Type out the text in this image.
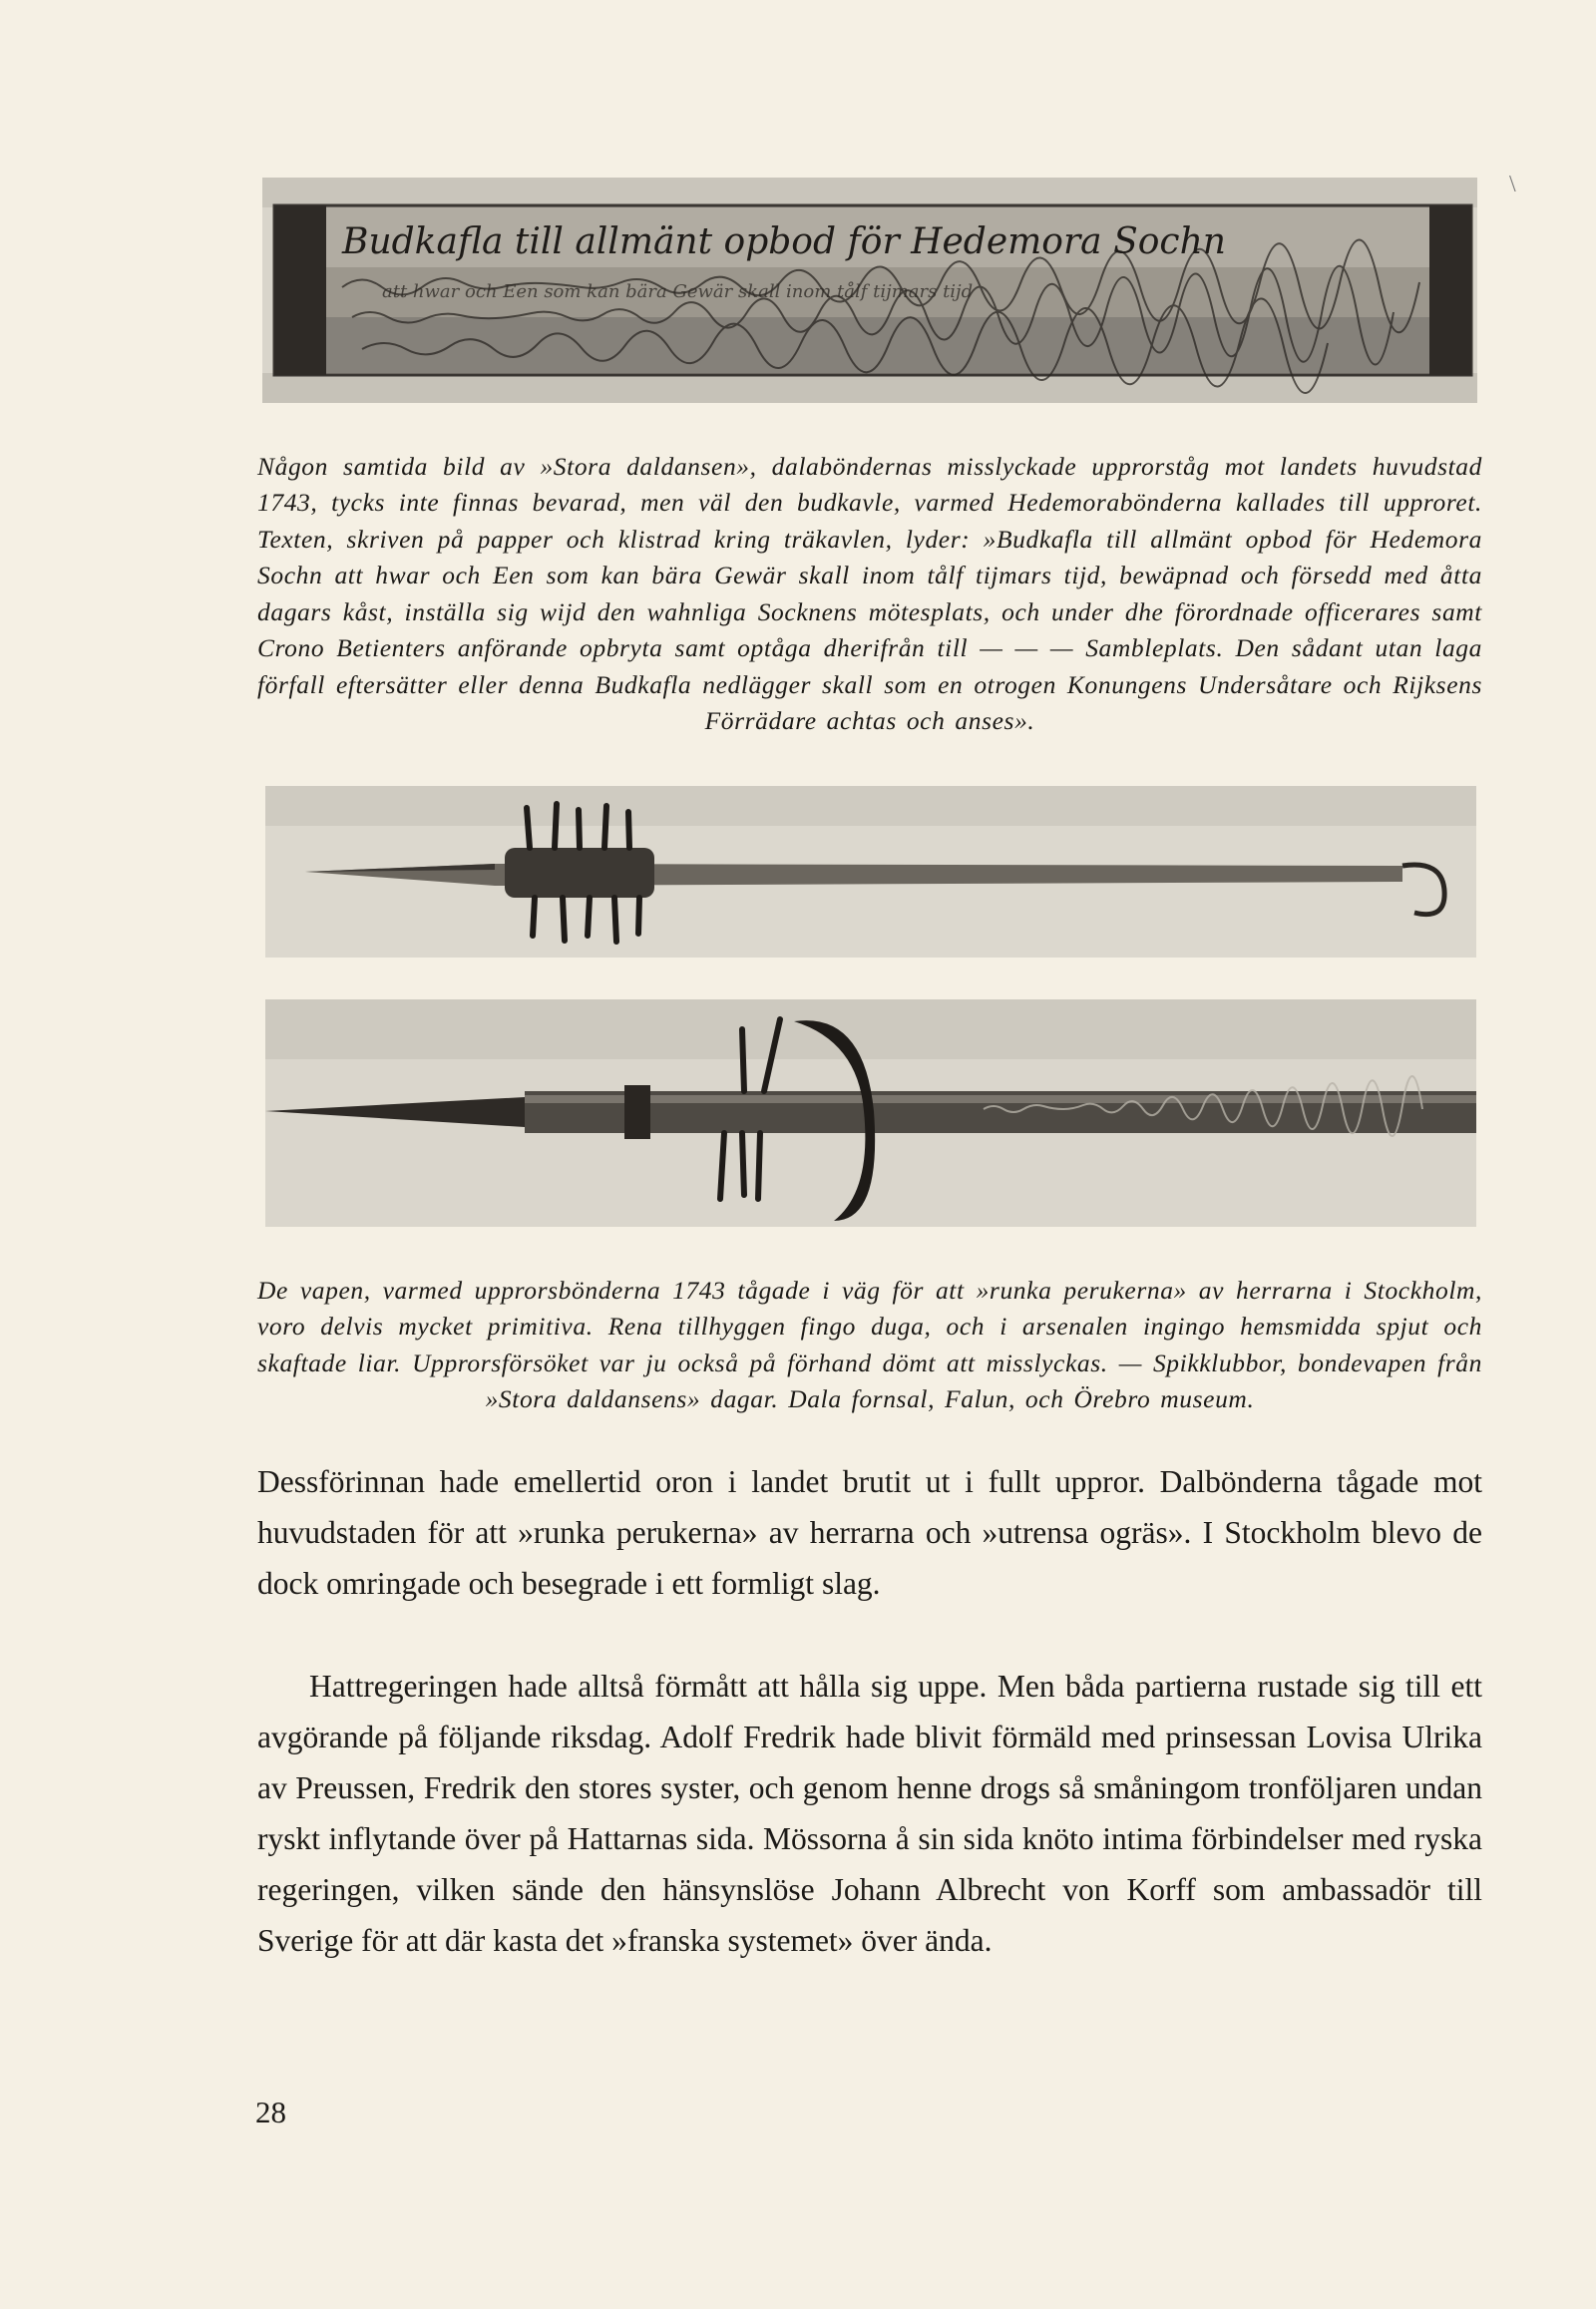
\
Budkafla till allmänt opbod för Hedemora Sochn
att hwar och Een som kan bära Gewär skall inom tålf tijmars tijd

Någon samtida bild av »Stora daldansen», dalaböndernas misslyckade upprorståg mot landets huvudstad 1743, tycks inte finnas bevarad, men väl den budkavle, varmed Hedemorabönderna kallades till upproret. Texten, skriven på papper och klistrad kring träkavlen, lyder: »Budkafla till allmänt opbod för Hedemora Sochn att hwar och Een som kan bära Gewär skall inom tålf tijmars tijd, bewäpnad och försedd med åtta dagars kåst, inställa sig wijd den wahnliga Socknens mötesplats, och under dhe förordnade officerares samt Crono Betienters anförande opbryta samt optåga dherifrån till — — — Sambleplats. Den sådant utan laga förfall eftersätter eller denna Budkafla nedlägger skall som en otrogen Konungens Undersåtare och Rijksens Förrädare achtas och anses».

De vapen, varmed upprorsbönderna 1743 tågade i väg för att »runka perukerna» av herrarna i Stockholm, voro delvis mycket primitiva. Rena tillhyggen fingo duga, och i arsenalen ingingo hemsmidda spjut och skaftade liar. Upprorsförsöket var ju också på förhand dömt att misslyckas. — Spikklubbor, bondevapen från »Stora daldansens» dagar. Dala fornsal, Falun, och Örebro museum.

Dessförinnan hade emellertid oron i landet brutit ut i fullt uppror. Dalbönderna tågade mot huvudstaden för att »runka perukerna» av herrarna och »utrensa ogräs». I Stockholm blevo de dock omringade och besegrade i ett formligt slag.

Hattregeringen hade alltså förmått att hålla sig uppe. Men båda partierna rustade sig till ett avgörande på följande riksdag. Adolf Fredrik hade blivit förmäld med prinsessan Lovisa Ulrika av Preussen, Fredrik den stores syster, och genom henne drogs så småningom tronföljaren undan ryskt inflytande över på Hattarnas sida. Mössorna å sin sida knöto intima förbindelser med ryska regeringen, vilken sände den hänsynslöse Johann Albrecht von Korff som ambassadör till Sverige för att där kasta det »franska systemet» över ända.

28
